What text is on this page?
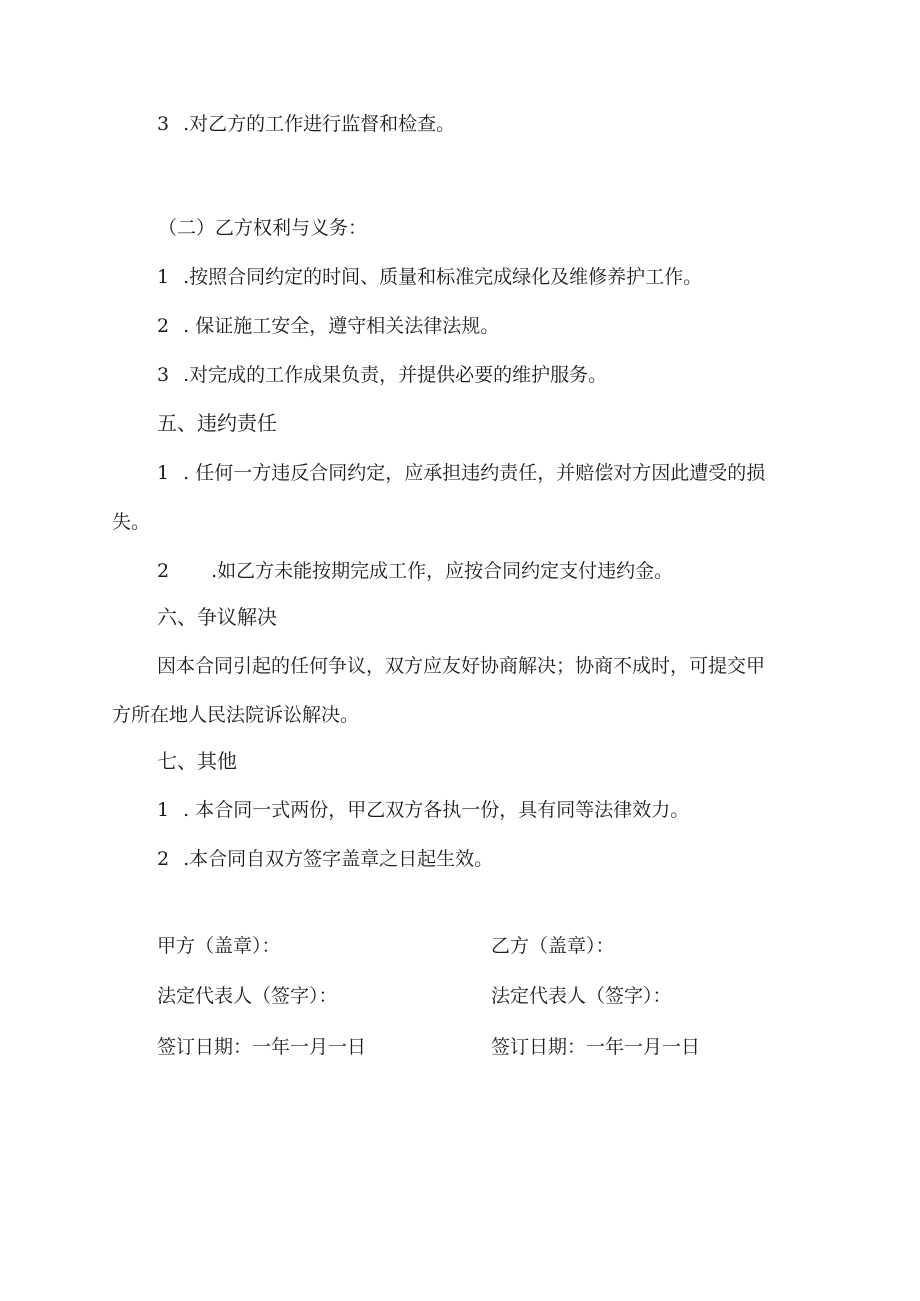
3 .对乙方的工作进行监督和检查。
（二）乙方权利与义务：
1 .按照合同约定的时间、质量和标准完成绿化及维修养护工作。
2 . 保证施工安全，遵守相关法律法规。
3 .对完成的工作成果负责，并提供必要的维护服务。
五、违约责任
1 . 任何一方违反合同约定，应承担违约责任，并赔偿对方因此遭受的损
失。
2 .如乙方未能按期完成工作，应按合同约定支付违约金。
六、争议解决
因本合同引起的任何争议，双方应友好协商解决；协商不成时，可提交甲
方所在地人民法院诉讼解决。
七、其他
1 . 本合同一式两份，甲乙双方各执一份，具有同等法律效力。
2 .本合同自双方签字盖章之日起生效。
甲方（盖章）：
法定代表人（签字）：
签订日期：一年一月一日
乙方（盖章）：
法定代表人（签字）：
签订日期：一年一月一日
